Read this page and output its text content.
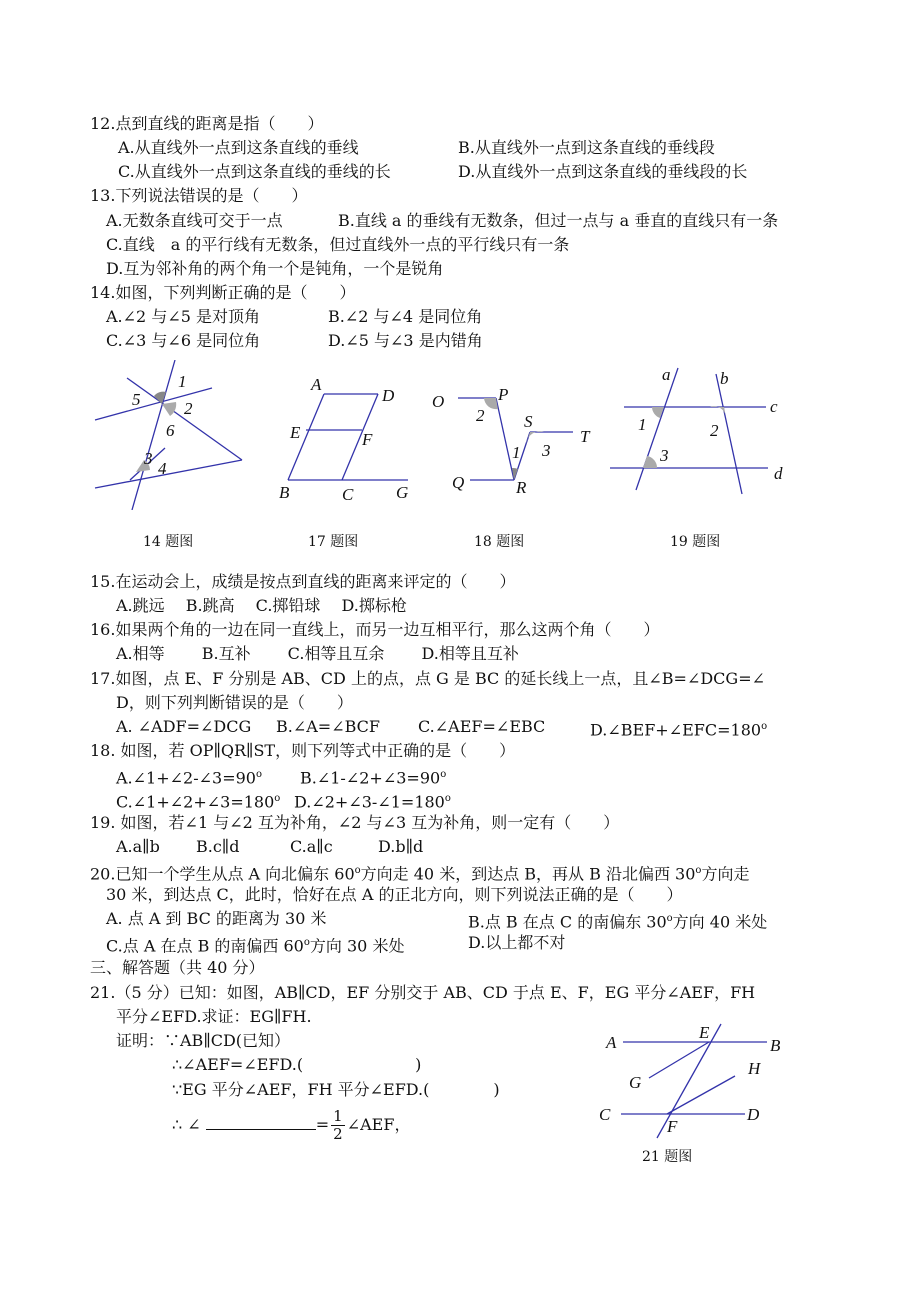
12.点到直线的距离是指（　　）
A.从直线外一点到这条直线的垂线	B.从直线外一点到这条直线的垂线段
C.从直线外一点到这条直线的垂线的长	D.从直线外一点到这条直线的垂线段的长
13.下列说法错误的是（　　）
A.无数条直线可交于一点	B.直线 a 的垂线有无数条，但过一点与 a 垂直的直线只有一条
C.直线　a 的平行线有无数条，但过直线外一点的平行线只有一条
D.互为邻补角的两个角一个是钝角，一个是锐角
14.如图，下列判断正确的是（　　）
A.∠2 与∠5 是对顶角	B.∠2 与∠4 是同位角
C.∠3 与∠6 是同位角	D.∠5 与∠3 是内错角
1
5	2
6
3
4
14 题图
A
D
E	F
B	C	G
17 题图
O	P
2 S
T
3
1
Q	R
18 题图
a	b
c
1	2
3
d
19 题图
15.在运动会上，成绩是按点到直线的距离来评定的（　　）
A.跳远　 B.跳高　 C.掷铅球　 D.掷标枪
16.如果两个角的一边在同一直线上，而另一边互相平行，那么这两个角（　　）
A.相等　　 B.互补　　 C.相等且互余　　 D.相等且互补
17.如图，点 E、F 分别是 AB、CD 上的点，点 G 是 BC 的延长线上一点，且∠B=∠DCG=∠
D，则下列判断错误的是（　　）
A. ∠ADF=∠DCG B.∠A=∠BCF C.∠AEF=∠EBC	$D.\angle BEF+\angle EFC=180^o$
18. 如图，若 OP∥QR∥ST，则下列等式中正确的是（　　）
$A.\angle 1+\angle 2-\angle 3=90^o$ $B.\angle 1-\angle 2+\angle 3=90^o$
$C.\angle 1+\angle 2+\angle 3=180^o$ $D.\angle 2+\angle 3-\angle 1=180^o$
19. 如图，若∠1 与∠2 互为补角，∠2 与∠3 互为补角，则一定有（　　）
A.a∥b B.c∥d	C.a∥c	D.b∥d
20.已知一个学生从点 A 向北偏东 60$^o$方向走 40 米，到达点 B，再从 B 沿北偏西 30$^o$方向走
30 米，到达点 C，此时，恰好在点 A 的正北方向，则下列说法正确的是（　　）
A. 点 A 到 BC 的距离为 30 米	B.点 B 在点 C 的南偏东 30$^o$方向 40 米处
C.点 A 在点 B 的南偏西 60$^o$方向 30 米处	D.以上都不对
三、解答题（共 40 分）
21.（5 分）已知：如图，AB∥CD，EF 分别交于 AB、CD 于点 E、F，EG 平分∠AEF，FH
平分∠EFD.求证：EG∥FH.
证明：∵AB∥CD(已知）
∴∠AEF=∠EFD.(　　　　　　　)
∵EG 平分∠AEF，FH 平分∠EFD.(　　　　)
∴ ∠	= $\frac{1}{2}$ ∠AEF，
A
E
B
H
G
C	D
F
21 题图
